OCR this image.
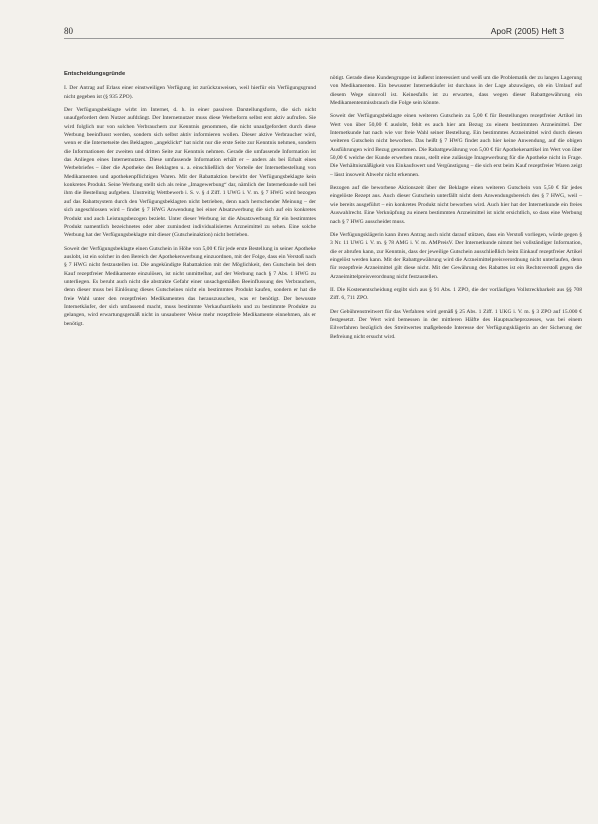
80	ApoR (2005) Heft 3
Entscheidungsgründe

I. Der Antrag auf Erlass einer einstweiligen Verfügung ist zurückzuweisen, weil hierfür ein Verfügungsgrund nicht gegeben ist (§ 935 ZPO).

Der Verfügungsbeklagte wirbt im Internet, d. h. in einer passiven Darstellungsform, die sich nicht unaufgefordert dem Nutzer aufdrängt. Der Internetnutzer muss diese Werbeform selbst erst aktiv aufrufen. Sie wird folglich nur von solchen Verbrauchern zur Kenntnis genommen, die nicht unaufgefordert durch diese Werbung beeinflusst werden, sondern sich selbst aktiv informieren wollen. Dieser aktive Verbraucher wird, wenn er die Internetseite des Beklagten „angeklickt“ hat nicht nur die erste Seite zur Kenntnis nehmen, sondern die Informationen der zweiten und dritten Seite zur Kenntnis nehmen. Gerade die umfassende Information ist das Anliegen eines Internetnutzers. Diese umfassende Information erhält er – anders als bei Erhalt eines Werbebriefes – über die Apotheke des Beklagten u. a. einschließlich der Vorteile der Internetbestellung von Medikamenten und apothekenpflichtigen Waren. Mit der Rabattaktion bewirbt der Verfügungsbeklagte kein konkretes Produkt. Seine Werbung stellt sich als reine „Imagewerbung“ dar, nämlich der Internetkunde soll bei ihm die Bestellung aufgeben. Unstreitig Wettbewerb i. S. v. § 4 Ziff. 1 UWG i. V. m. § 7 HWG wird bezogen auf das Rabattsystem durch den Verfügungsbeklagten nicht betrieben, denn nach herrschender Meinung – der sich angeschlossen wird – findet § 7 HWG Anwendung bei einer Absatzwerbung die sich auf ein konkretes Produkt und auch Leistungsbezogen bezieht. Unter dieser Werbung ist die Absatzwerbung für ein bestimmtes Produkt namentlich bezeichnetes oder aber zumindest individualisiertes Arzneimittel zu sehen. Eine solche Werbung hat der Verfügungsbeklagte mit dieser (Gutscheinaktion) nicht betrieben.

Soweit der Verfügungsbeklagte einen Gutschein in Höhe von 5,00 € für jede erste Bestellung in seiner Apotheke auslobt, ist ein solcher in den Bereich der Apothekenwerbung einzuordnen, mit der Folge, dass ein Verstoß nach § 7 HWG nicht festzustellen ist. Die angekündigte Rabattaktion mit der Möglichkeit, den Gutschein bei dem Kauf rezeptfreier Medikamente einzulösen, ist nicht unmittelbar, auf der Werbung nach § 7 Abs. 1 HWG zu unterliegen. Es beruht auch nicht die abstrakte Gefahr einer unsachgemäßen Beeinflussung des Verbrauchers, denn dieser muss bei Einlösung dieses Gutscheines nicht ein bestimmtes Produkt kaufen, sondern er hat die freie Wahl unter den rezeptfreien Medikamenten das herauszusuchen, was er benötigt. Der bewusste Internetkäufer, der sich umfassend macht, muss bestimmte Verkaufsartikeln und zu bestimmte Produkte zu gelangen, wird erwartungsgemäß nicht in unsauberer Weise mehr rezeptfreie Medikamente einnehmen, als er benötigt.

nötigt. Gerade diese Kundengruppe ist äußerst interessiert und weiß um die Problematik der zu langen Lagerung von Medikamenten. Ein bewusster Internetkäufer ist durchaus in der Lage abzuwägen, ob ein Umlauf auf diesem Wege sinnvoll ist. Keinesfalls ist zu erwarten, dass wegen dieser Rabattgewährung ein Medikamentenmissbrauch die Folge sein könnte.

Soweit der Verfügungsbeklagte einen weiteren Gutschein zu 5,00 € für Bestellungen rezeptfreier Artikel im Wert von über 50,00 € auslobt, fehlt es auch hier am Bezug zu einem bestimmten Arzneimittel. Der Internetkunde hat nach wie vor freie Wahl seiner Bestellung. Ein bestimmtes Arzneimittel wird durch diesen weiteren Gutschein nicht beworben. Das heißt § 7 HWG findet auch hier keine Anwendung, auf die obigen Ausführungen wird Bezug genommen. Die Rabattgewährung von 5,00 € für Apothekenartikel im Wert von über 50,00 € welche der Kunde erwerben muss, stellt eine zulässige Imagewerbung für die Apotheke nicht in Frage. Die Verhältnismäßigkeit von Einkaufswert und Vergünstigung – die sich erst beim Kauf rezeptfreier Waren zeigt – lässt insoweit Abwehr nicht erkennen.

Bezogen auf die beworbene Aktionszeit über der Beklagte einen weiteren Gutschein von 5,50 € für jedes eingelöste Rezept aus. Auch dieser Gutschein unterfällt nicht dem Anwendungsbereich des § 7 HWG, weil – wie bereits ausgeführt – ein konkretes Produkt nicht beworben wird. Auch hier hat der Internetkunde ein freies Auswahlrecht. Eine Verknüpfung zu einem bestimmten Arzneimittel ist nicht ersichtlich, so dass eine Werbung nach § 7 HWG ausscheidet muss.

Die Verfügungsklägerin kann ihren Antrag auch nicht darauf stützen, dass ein Verstoß vorliegen, würde gegen § 3 Nr. 11 UWG i. V. m. § 78 AMG i. V. m. AMPreisV. Der Internetkunde nimmt bei vollständiger Information, die er abrufen kann, zur Kenntnis, dass der jeweilige Gutschein ausschließlich beim Einkauf rezeptfreier Artikel eingelöst werden kann. Mit der Rabattgewährung wird die Arzneimittelpreisverordnung nicht unterlaufen, denn für rezeptfreie Arzneimittel gilt diese nicht. Mit der Gewährung des Rabattes ist ein Rechtsverstoß gegen die Arzneimittelpreisverordnung nicht festzustellen.

II. Die Kostenentscheidung ergibt sich aus § 91 Abs. 1 ZPO, die der vorläufigen Vollstreckbarkeit aus §§ 708 Ziff. 6, 711 ZPO.

Der Gebührenstreitwert für das Verfahren wird gemäß § 25 Abs. 1 Ziff. 1 UKG i. V. m. § 3 ZPO auf 15.000 € festgesetzt. Der Wert wird bemessen in der mittleren Hälfte des Hauptsacheprozesses, was bei einem Eilverfahren bezüglich des Streitwertes maßgebende Interesse der Verfügungsklägerin an der Sicherung der Befreiung nicht ersucht wird.
